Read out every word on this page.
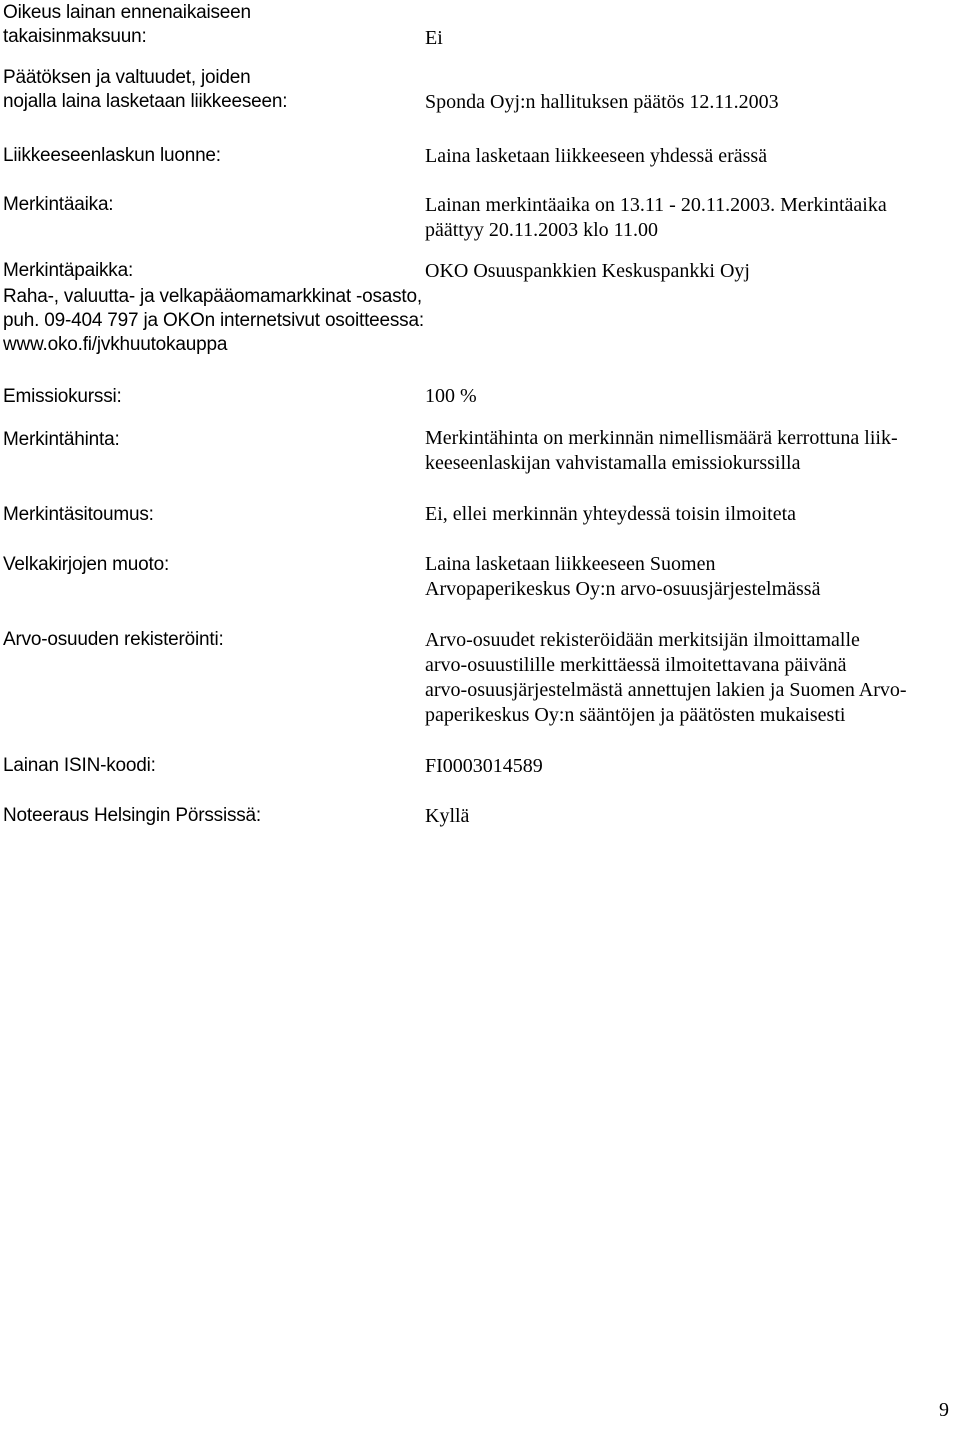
Oikeus lainan ennenaikaiseen
takaisinmaksuun:	Ei
Päätöksen ja valtuudet, joiden
nojalla laina lasketaan liikkeeseen:	Sponda Oyj:n hallituksen päätös 12.11.2003
Liikkeeseenlaskun luonne:	Laina lasketaan liikkeeseen yhdessä erässä
Merkintäaika:	Lainan merkintäaika on 13.11 - 20.11.2003. Merkintäaika
päättyy 20.11.2003 klo 11.00
Merkintäpaikka:	OKO Osuuspankkien Keskuspankki Oyj
Raha-, valuutta- ja velkapääomamarkkinat -osasto,
puh. 09-404 797 ja OKOn internetsivut osoitteessa:
www.oko.fi/jvkhuutokauppa
Emissiokurssi:	100 %
Merkintähinta:	Merkintähinta on merkinnän nimellismäärä kerrottuna liik-
keeseenlaskijan vahvistamalla emissiokurssilla
Merkintäsitoumus:	Ei, ellei merkinnän yhteydessä toisin ilmoiteta
Velkakirjojen muoto:	Laina lasketaan liikkeeseen Suomen
Arvopaperikeskus Oy:n arvo-osuusjärjestelmässä
Arvo-osuuden rekisteröinti:	Arvo-osuudet rekisteröidään merkitsijän ilmoittamalle
arvo-osuustilille merkittäessä ilmoitettavana päivänä
arvo-osuusjärjestelmästä annettujen lakien ja Suomen Arvo-
paperikeskus Oy:n sääntöjen ja päätösten mukaisesti
Lainan ISIN-koodi:	FI0003014589
Noteeraus Helsingin Pörssissä:	Kyllä
9
